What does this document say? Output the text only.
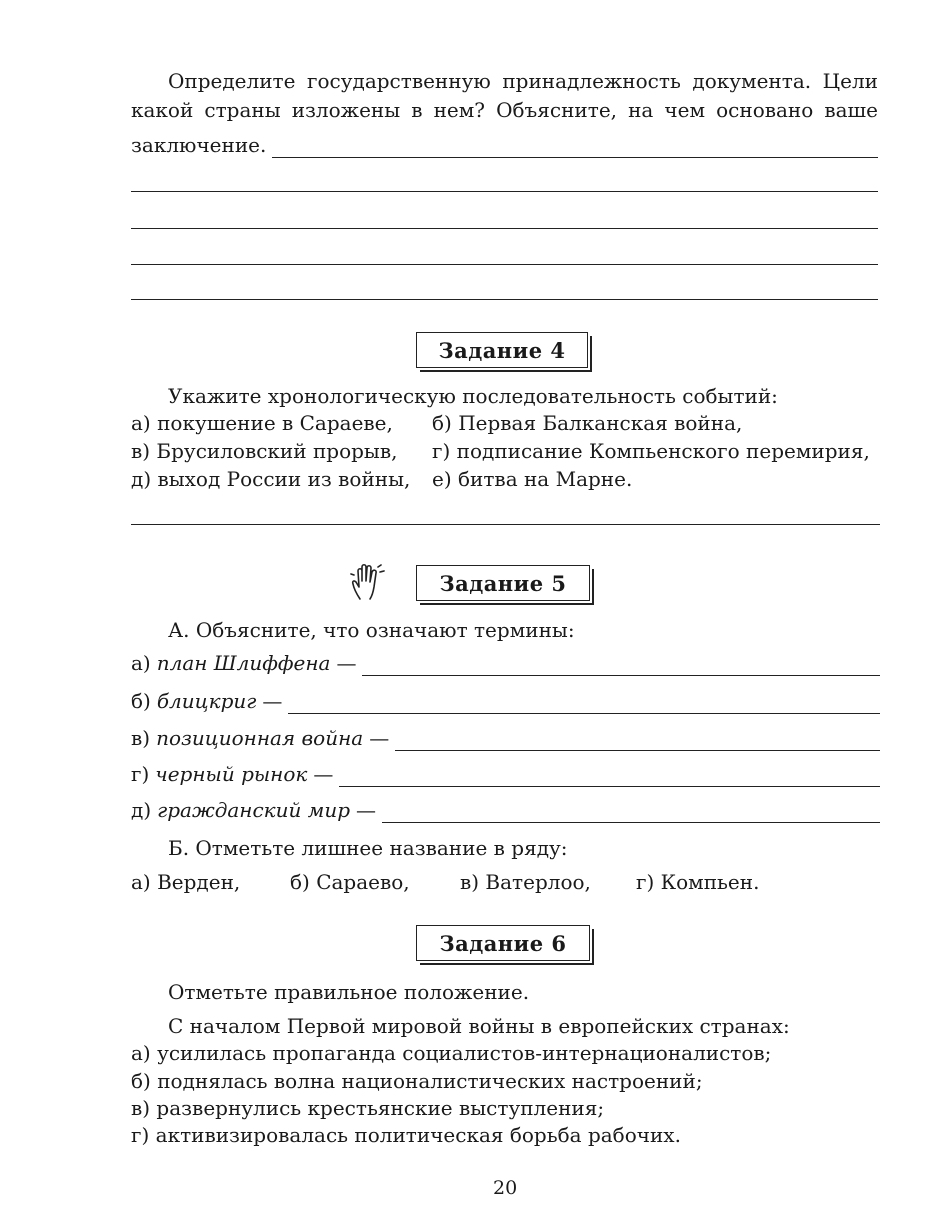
Определите государственную принадлежность документа. Цели
какой страны изложены в нем? Объясните, на чем основано ваше
заключение.
Задание 4
Укажите хронологическую последовательность событий:
а) покушение в Сараеве, б) Первая Балканская война,
в) Брусиловский прорыв, г) подписание Компьенского перемирия,
д) выход России из войны, е) битва на Марне.
Задание 5
А. Объясните, что означают термины:
а) план Шлиффена —
б) блицкриг —
в) позиционная война —
г) черный рынок —
д) гражданский мир —
Б. Отметьте лишнее название в ряду:
а) Верден, б) Сараево,	в) Ватерлоо, г) Компьен.
Задание 6
Отметьте правильное положение.
С началом Первой мировой войны в европейских странах:
а) усилилась пропаганда социалистов-интернационалистов;
б) поднялась волна националистических настроений;
в) развернулись крестьянские выступления;
г) активизировалась политическая борьба рабочих.
20
